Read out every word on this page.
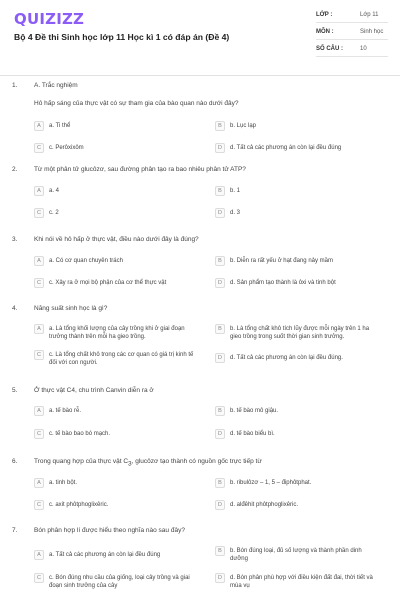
QUIZIZZ
Bộ 4 Đề thi Sinh học lớp 11 Học kì 1 có đáp án (Đề 4)
LỚP :	Lớp 11
MÔN :	Sinh học
SỐ CÂU :	10
1.	A. Trắc nghiệm
Hô hấp sáng của thực vật có sự tham gia của bào quan nào dưới đây?
A	a. Ti thể	B	b. Lục lạp
C	c. Perôxixôm	D	d. Tất cả các phương án còn lại đều đúng
2.	Từ một phân tử glucôzơ, sau đường phân tạo ra bao nhiêu phân tử ATP?
A	a. 4	B	b. 1
C	c. 2	D	d. 3
3.	Khi nói về hô hấp ở thực vật, điều nào dưới đây là đúng?
A	a. Có cơ quan chuyên trách	B	b. Diễn ra rất yếu ở hạt đang nảy mầm
C	c. Xảy ra ở mọi bộ phận của cơ thể thực vật	D	d. Sản phẩm tạo thành là ôxi và tinh bột
4.	Năng suất sinh học là gì?
A	a. Là tổng khối lượng của cây trồng khi ở giai đoạn trưởng thành trên mỗi ha gieo trồng.
B	b. Là tổng chất khô tích lũy được mỗi ngày trên 1 ha gieo trồng trong suốt thời gian sinh trưởng.
C	c. Là tổng chất khô trong các cơ quan có giá trị kinh tế đối với con người.
D	d. Tất cả các phương án còn lại đều đúng.
5.	Ở thực vật C4, chu trình Canvin diễn ra ở
A	a. tế bào rễ.	B	b. tế bào mô giậu.
C	c. tế bào bao bó mạch.	D	d. tế bào biểu bì.
6.	Trong quang hợp của thực vật $C_3$, glucôzơ tạo thành có nguồn gốc trực tiếp từ
A	a. tinh bột.	B	b. ribulôzơ – 1, 5 – điphôtphat.
C	c. axit phôtphoglixêric.	D	d. alđêhit phôtphoglixêric.
7.	Bón phân hợp lí được hiểu theo nghĩa nào sau đây?
A	a. Tất cả các phương án còn lại đều đúng
B	b. Bón đúng loại, đủ số lượng và thành phần dinh dưỡng
C	c. Bón đúng nhu cầu của giống, loại cây trồng và giai đoạn sinh trưởng của cây
D	d. Bón phân phù hợp với điều kiện đất đai, thời tiết và mùa vụ
